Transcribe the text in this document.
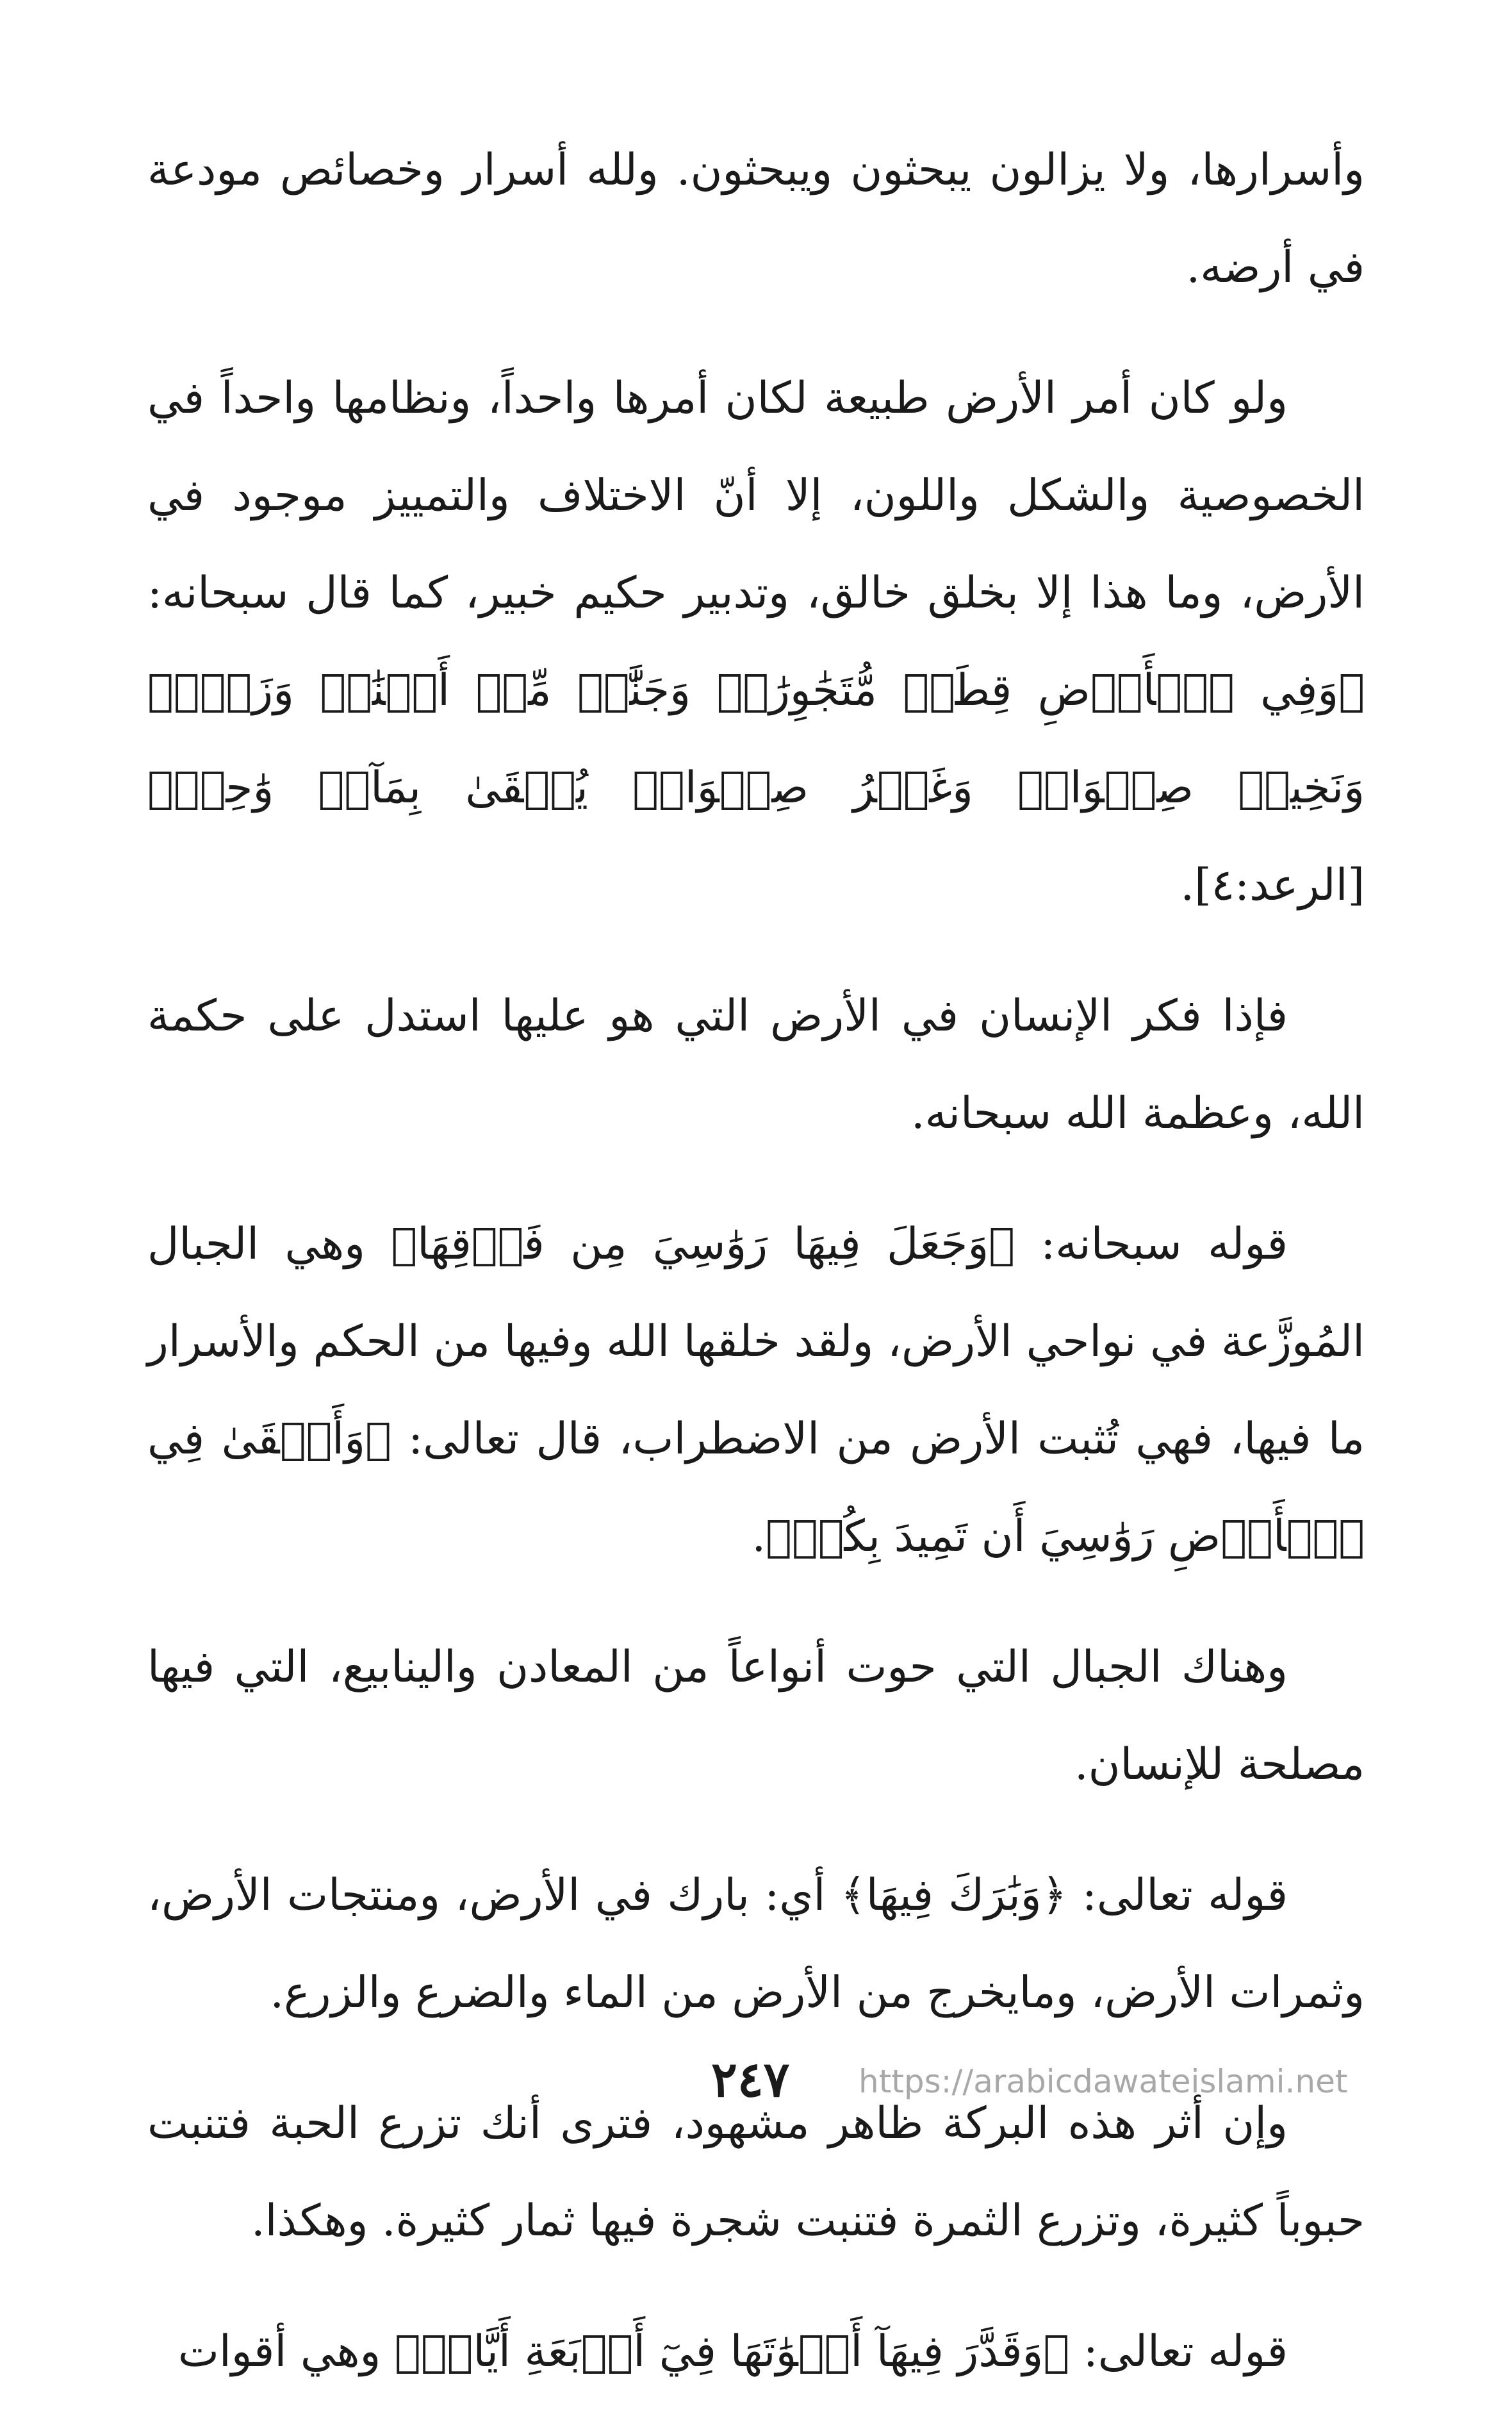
وأسرارها، ولا يزالون يبحثون ويبحثون. ولله أسرار وخصائص مودعة في أرضه.

ولو كان أمر الأرض طبيعة لكان أمرها واحداً، ونظامها واحداً في الخصوصية والشكل واللون، إلا أنّ الاختلاف والتمييز موجود في الأرض، وما هذا إلا بخلق خالق، وتدبير حكيم خبير، كما قال سبحانه: ﴿وَفِي ٱلۡأَرۡضِ قِطَعٞ مُّتَجَٰوِرَٰتٞ وَجَنَّٰتٞ مِّنۡ أَعۡنَٰبٖ وَزَرۡعٞ وَنَخِيلٞ صِنۡوَانٞ وَغَيۡرُ صِنۡوَانٖ يُسۡقَىٰ بِمَآءٖ وَٰحِدٖ﴾ [الرعد:٤].

فإذا فكر الإنسان في الأرض التي هو عليها استدل على حكمة الله، وعظمة الله سبحانه.

قوله سبحانه: ﴿وَجَعَلَ فِيهَا رَوَٰسِيَ مِن فَوۡقِهَا﴾ وهي الجبال المُوزَّعة في نواحي الأرض، ولقد خلقها الله وفيها من الحكم والأسرار ما فيها، فهي تُثبت الأرض من الاضطراب، قال تعالى: ﴿وَأَلۡقَىٰ فِي ٱلۡأَرۡضِ رَوَٰسِيَ أَن تَمِيدَ بِكُمۡ﴾.

وهناك الجبال التي حوت أنواعاً من المعادن والينابيع، التي فيها مصلحة للإنسان.

قوله تعالى: ﴿وَبَٰرَكَ فِيهَا﴾ أي: بارك في الأرض، ومنتجات الأرض، وثمرات الأرض، ومايخرج من الأرض من الماء والضرع والزرع.

وإن أثر هذه البركة ظاهر مشهود، فترى أنك تزرع الحبة فتنبت حبوباً كثيرة، وتزرع الثمرة فتنبت شجرة فيها ثمار كثيرة. وهكذا.

قوله تعالى: ﴿وَقَدَّرَ فِيهَآ أَقۡوَٰتَهَا فِيٓ أَرۡبَعَةِ أَيَّامٖ﴾ وهي أقوات

٢٤٧ https://arabicdawateislami.net
